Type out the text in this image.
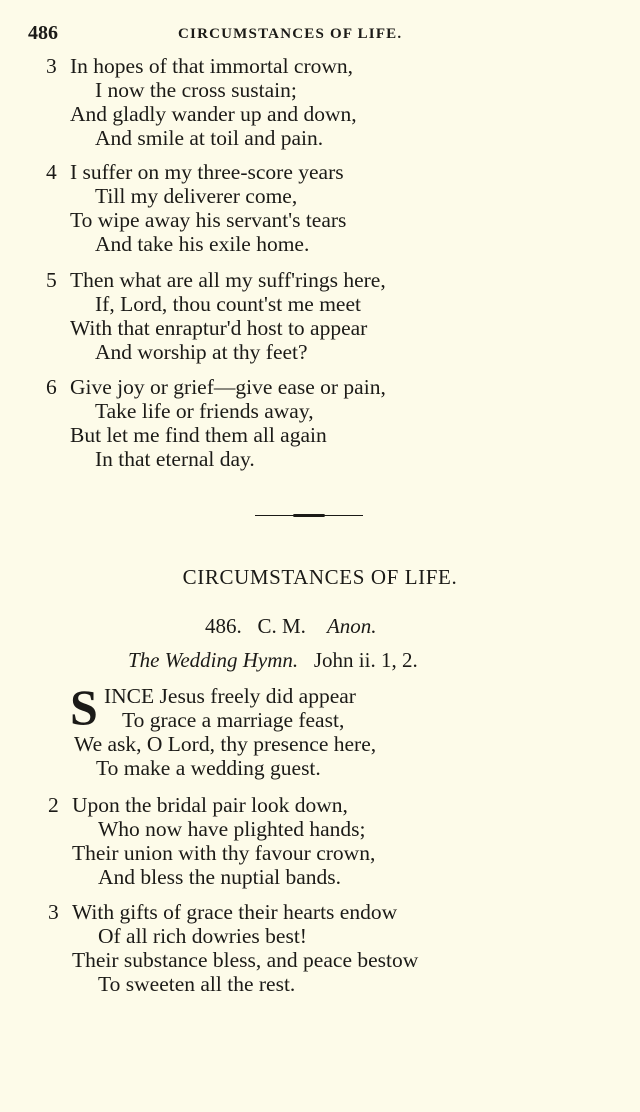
486	CIRCUMSTANCES OF LIFE.
3 In hopes of that immortal crown,
I now the cross sustain;
And gladly wander up and down,
And smile at toil and pain.
4 I suffer on my three-score years
Till my deliverer come,
To wipe away his servant's tears
And take his exile home.
5 Then what are all my suff'rings here,
If, Lord, thou count'st me meet
With that enraptur'd host to appear
And worship at thy feet?
6 Give joy or grief—give ease or pain,
Take life or friends away,
But let me find them all again
In that eternal day.
CIRCUMSTANCES OF LIFE.
486. C. M. Anon.
The Wedding Hymn. John ii. 1, 2.
S INCE Jesus freely did appear
To grace a marriage feast,
We ask, O Lord, thy presence here,
To make a wedding guest.
2 Upon the bridal pair look down,
Who now have plighted hands;
Their union with thy favour crown,
And bless the nuptial bands.
3 With gifts of grace their hearts endow
Of all rich dowries best!
Their substance bless, and peace bestow
To sweeten all the rest.
